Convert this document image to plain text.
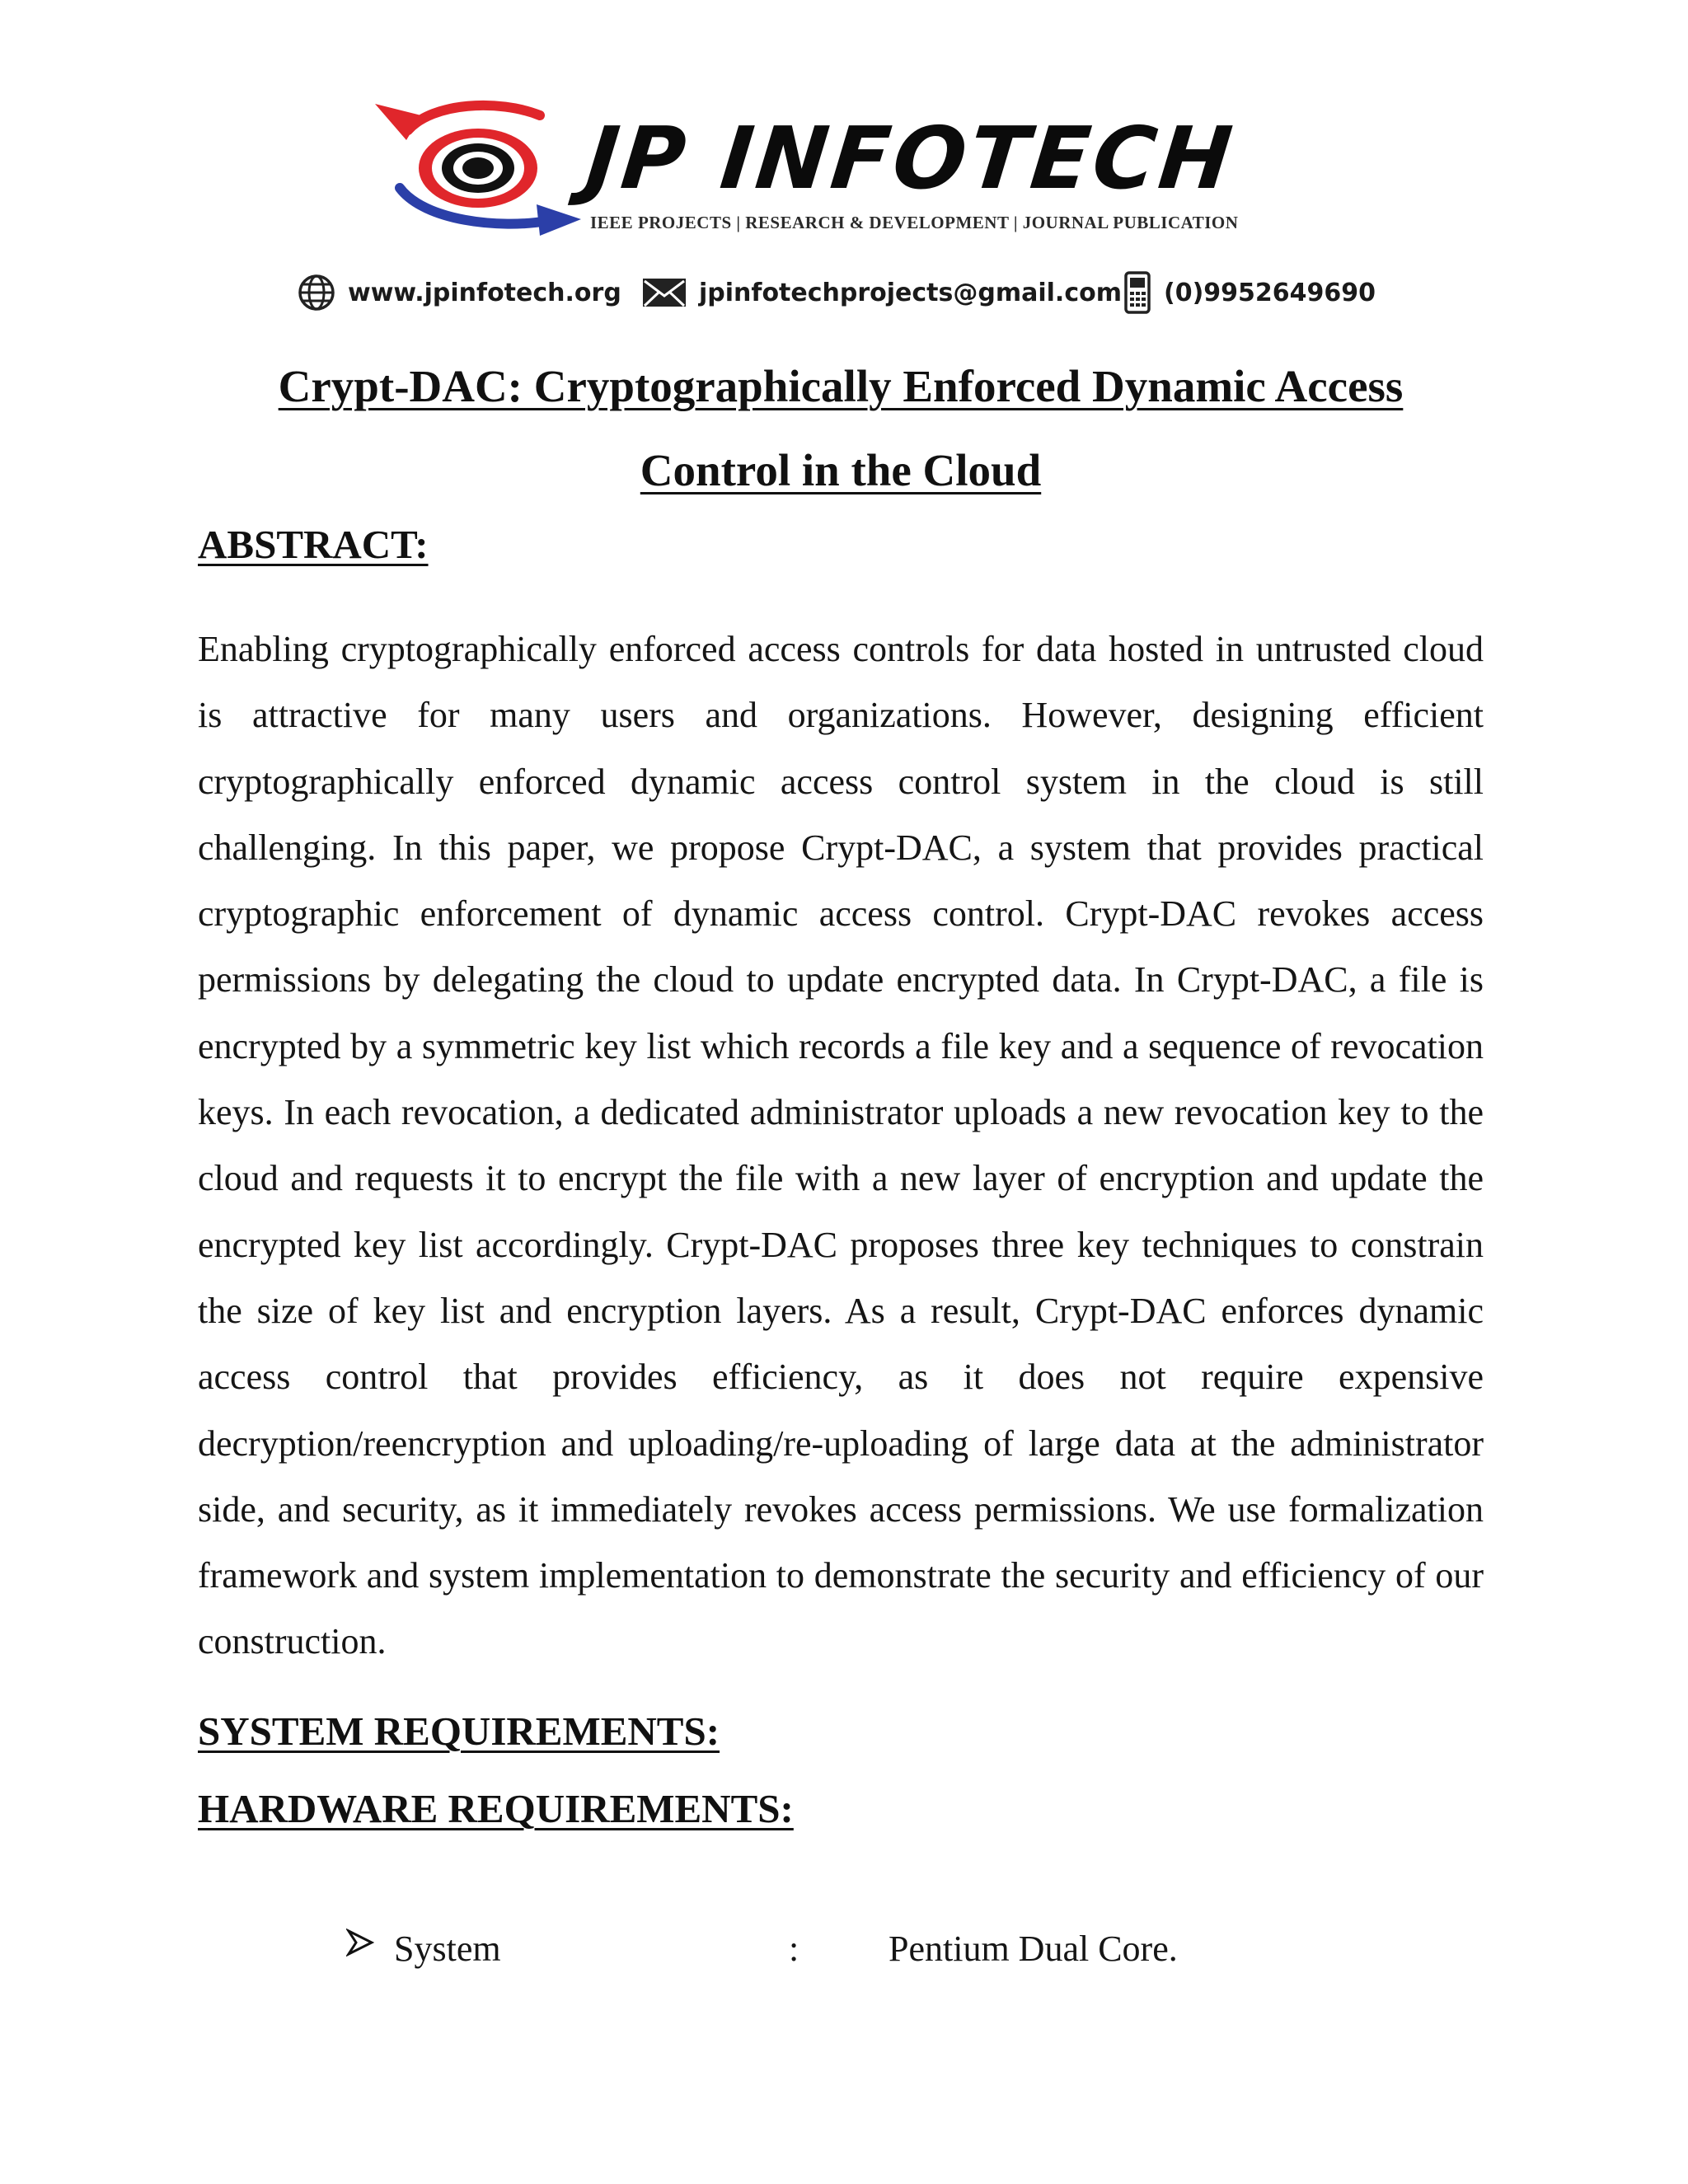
JP INFOTECH
IEEE PROJECTS | RESEARCH & DEVELOPMENT | JOURNAL PUBLICATION
www.jpinfotech.org	jpinfotechprojects@gmail.com (0)9952649690
Crypt-DAC: Cryptographically Enforced Dynamic Access Control in the Cloud
ABSTRACT:

Enabling cryptographically enforced access controls for data hosted in untrusted cloud is attractive for many users and organizations. However, designing efficient cryptographically enforced dynamic access control system in the cloud is still challenging. In this paper, we propose Crypt-DAC, a system that provides practical cryptographic enforcement of dynamic access control. Crypt-DAC revokes access permissions by delegating the cloud to update encrypted data. In Crypt-DAC, a file is encrypted by a symmetric key list which records a file key and a sequence of revocation keys. In each revocation, a dedicated administrator uploads a new revocation key to the cloud and requests it to encrypt the file with a new layer of encryption and update the encrypted key list accordingly. Crypt-DAC proposes three key techniques to constrain the size of key list and encryption layers. As a result, Crypt-DAC enforces dynamic access control that provides efficiency, as it does not require expensive decryption/reencryption and uploading/re-uploading of large data at the administrator side, and security, as it immediately revokes access permissions. We use formalization framework and system implementation to demonstrate the security and efficiency of our construction.

SYSTEM REQUIREMENTS:
HARDWARE REQUIREMENTS:
System	: Pentium Dual Core.
